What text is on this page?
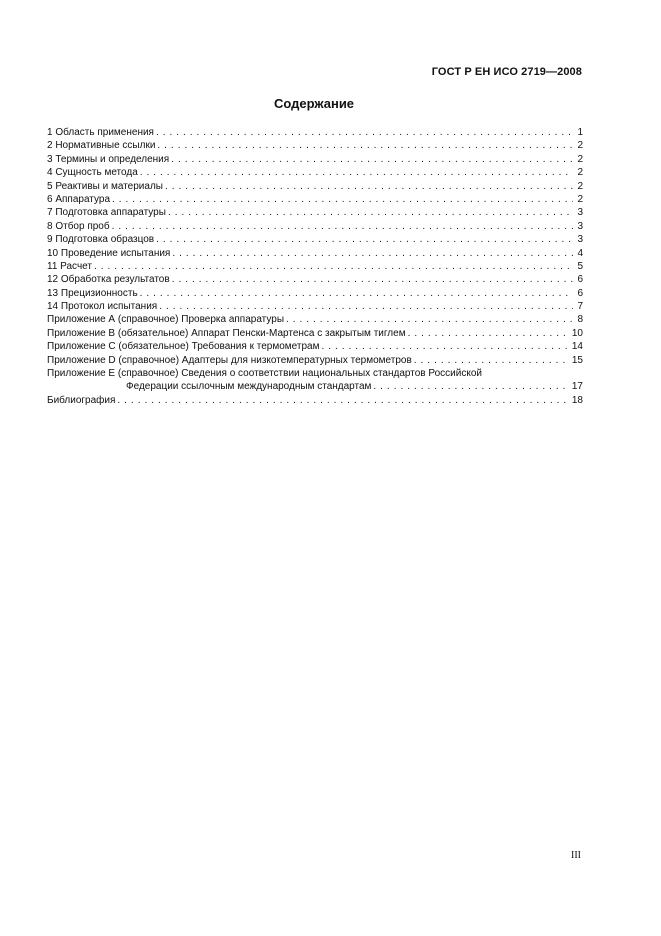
ГОСТ Р ЕН ИСО 2719—2008
Содержание
1 Область применения . . .	1
2 Нормативные ссылки . . .	2
3 Термины и определения . . .	2
4 Сущность метода . . .	2
5 Реактивы и материалы . . .	2
6 Аппаратура . . .	2
7 Подготовка аппаратуры . . .	3
8 Отбор проб . . .	3
9 Подготовка образцов . . .	3
10 Проведение испытания . . .	4
11 Расчет . . .	5
12 Обработка результатов . . .	6
13 Прецизионность . . .	6
14 Протокол испытания . . .	7
Приложение А (справочное) Проверка аппаратуры . . .	8
Приложение В (обязательное) Аппарат Пенски-Мартенса с закрытым тиглем . . .	10
Приложение С (обязательное) Требования к термометрам . . .	14
Приложение D (справочное) Адаптеры для низкотемпературных термометров . . .	15
Приложение Е (справочное) Сведения о соответствии национальных стандартов Российской
Федерации ссылочным международным стандартам . . .	17
Библиография . . .	18
III
